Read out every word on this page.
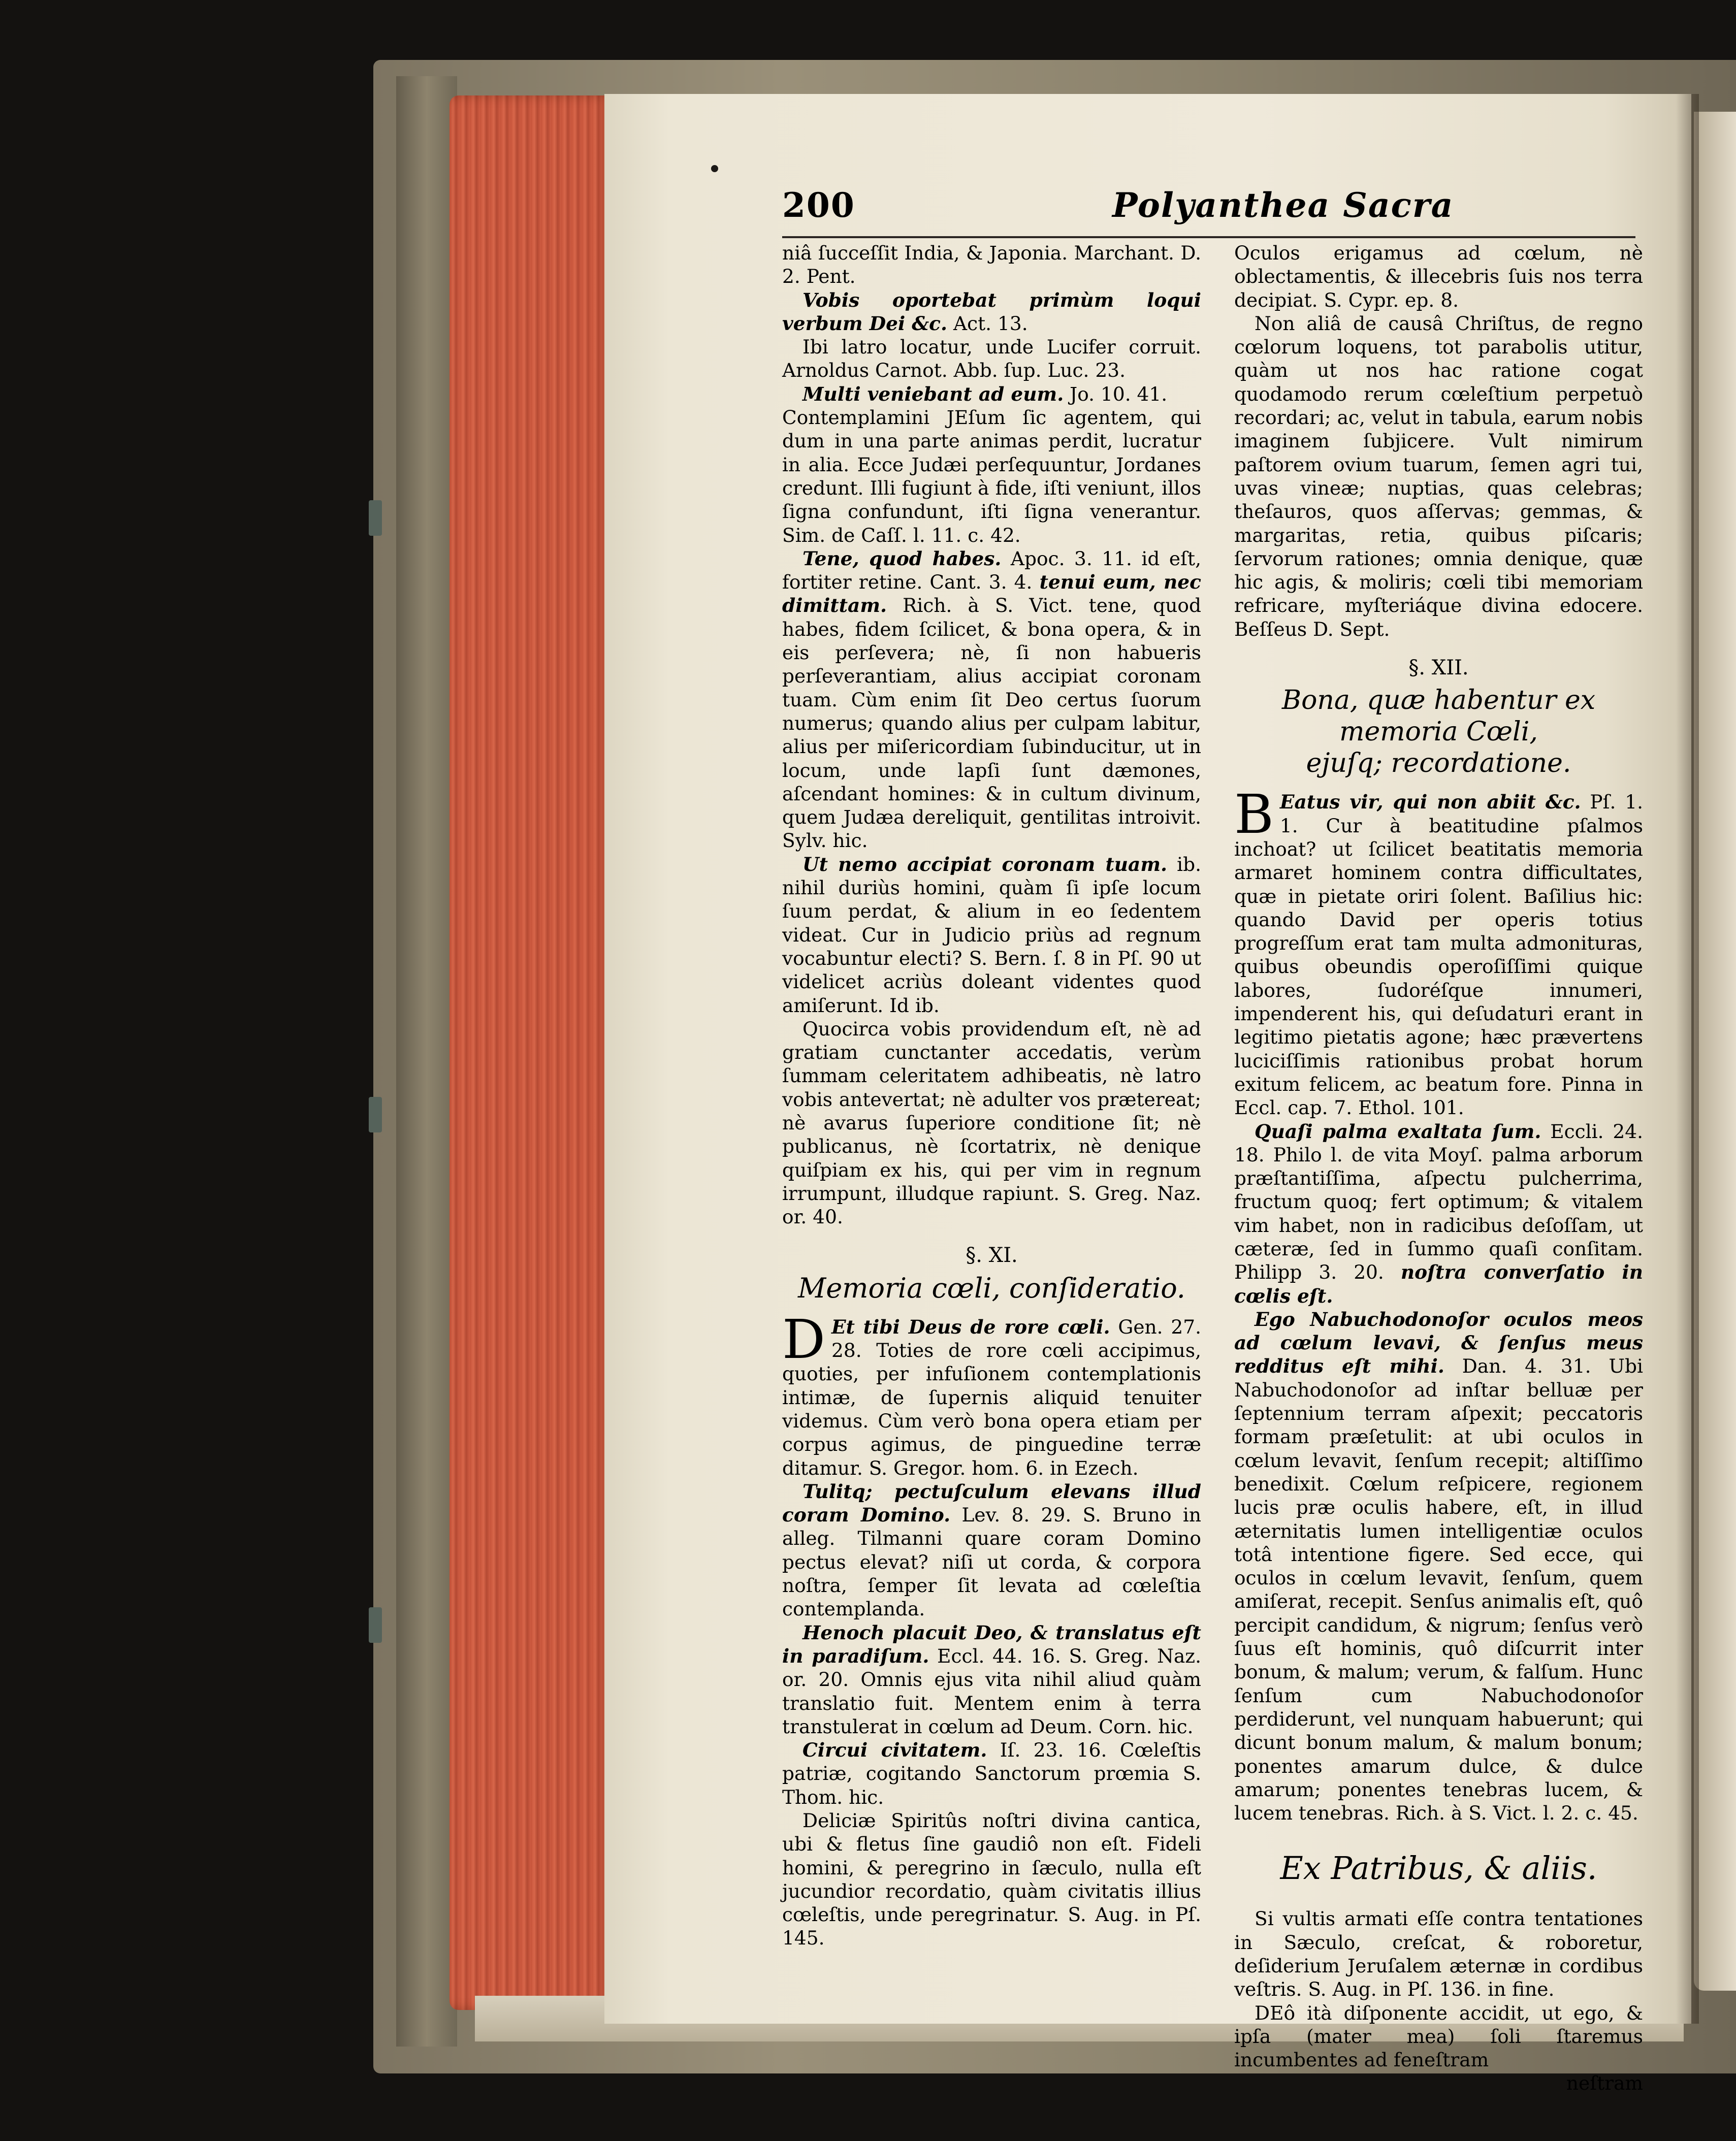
200	Polyanthea Sacra

niâ ſucceſſit India, & Japonia. Marchant. D. 2. Pent.

Vobis oportebat primùm loqui verbum Dei &c. Act. 13.

Ibi latro locatur, unde Lucifer corruit. Arnoldus Carnot. Abb. ſup. Luc. 23.

Multi veniebant ad eum. Jo. 10. 41.

Contemplamini JEſum ſic agentem, qui dum in una parte animas perdit, lucratur in alia. Ecce Judæi perſequuntur, Jordanes credunt. Illi fugiunt à fide, iſti veniunt, illos ſigna confundunt, iſti ſigna venerantur. Sim. de Caſſ. l. 11. c. 42.

Tene, quod habes. Apoc. 3. 11. id eſt, fortiter retine. Cant. 3. 4. tenui eum, nec dimittam. Rich. à S. Vict. tene, quod habes, fidem ſcilicet, & bona opera, & in eis perſevera; nè, ſi non habueris perſeverantiam, alius accipiat coronam tuam. Cùm enim ſit Deo certus ſuorum numerus; quando alius per culpam labitur, alius per miſericordiam ſubinducitur, ut in locum, unde lapſi ſunt dæmones, aſcendant homines: & in cultum divinum, quem Judæa dereliquit, gentilitas introivit. Sylv. hic.

Ut nemo accipiat coronam tuam. ib. nihil duriùs homini, quàm ſi ipſe locum ſuum perdat, & alium in eo ſedentem videat. Cur in Judicio priùs ad regnum vocabuntur electi? S. Bern. ſ. 8 in Pſ. 90 ut videlicet acriùs doleant videntes quod amiſerunt. Id ib.

Quocirca vobis providendum eſt, nè ad gratiam cunctanter accedatis, verùm ſummam celeritatem adhibeatis, nè latro vobis antevertat; nè adulter vos prætereat; nè avarus ſuperiore conditione ſit; nè publicanus, nè ſcortatrix, nè denique quiſpiam ex his, qui per vim in regnum irrumpunt, illudque rapiunt. S. Greg. Naz. or. 40.

§. XI.
Memoria cœli, conſideratio.

D Et tibi Deus de rore cœli. Gen. 27. 28. Toties de rore cœli accipimus, quoties, per infuſionem contemplationis intimæ, de ſupernis aliquid tenuiter videmus. Cùm verò bona opera etiam per corpus agimus, de pinguedine terræ ditamur. S. Gregor. hom. 6. in Ezech.

Tulitq; pectuſculum elevans illud coram Domino. Lev. 8. 29. S. Bruno in alleg. Tilmanni quare coram Domino pectus elevat? niſi ut corda, & corpora noſtra, ſemper ſit levata ad cœleſtia contemplanda.

Henoch placuit Deo, & translatus eſt in paradiſum. Eccl. 44. 16. S. Greg. Naz. or. 20. Omnis ejus vita nihil aliud quàm translatio fuit. Mentem enim à terra transtulerat in cœlum ad Deum. Corn. hic.

Circui civitatem. Iſ. 23. 16. Cœleſtis patriæ, cogitando Sanctorum prœmia S. Thom. hic.

Deliciæ Spiritûs noſtri divina cantica, ubi & fletus ſine gaudiô non eſt. Fideli homini, & peregrino in ſæculo, nulla eſt jucundior recordatio, quàm civitatis illius cœleſtis, unde peregrinatur. S. Aug. in Pſ. 145.

Oculos erigamus ad cœlum, nè oblectamentis, & illecebris ſuis nos terra decipiat. S. Cypr. ep. 8.

Non aliâ de causâ Chriſtus, de regno cœlorum loquens, tot parabolis utitur, quàm ut nos hac ratione cogat quodamodo rerum cœleſtium perpetuò recordari; ac, velut in tabula, earum nobis imaginem ſubjicere. Vult nimirum paſtorem ovium tuarum, ſemen agri tui, uvas vineæ; nuptias, quas celebras; theſauros, quos aſſervas; gemmas, & margaritas, retia, quibus piſcaris; ſervorum rationes; omnia denique, quæ hic agis, & moliris; cœli tibi memoriam refricare, myſteriáque divina edocere. Beſſeus D. Sept.

§. XII.
Bona, quæ habentur ex memoria Cœli,
ejuſq; recordatione.

B Eatus vir, qui non abiit &c. Pſ. 1. 1. Cur à beatitudine pſalmos inchoat? ut ſcilicet beatitatis memoria armaret hominem contra difficultates, quæ in pietate oriri ſolent. Baſilius hic: quando David per operis totius progreſſum erat tam multa admonituras, quibus obeundis operoſiſſimi quique labores, ſudoréſque innumeri, impenderent his, qui deſudaturi erant in legitimo pietatis agone; hæc prævertens luciciſſimis rationibus probat horum exitum felicem, ac beatum fore. Pinna in Eccl. cap. 7. Ethol. 101.

Quaſi palma exaltata ſum. Eccli. 24. 18. Philo l. de vita Moyſ. palma arborum præſtantiſſima, aſpectu pulcherrima, fructum quoq; fert optimum; & vitalem vim habet, non in radicibus deſoſſam, ut cæteræ, ſed in ſummo quaſi conſitam. Philipp 3. 20. noſtra converſatio in cœlis eſt.

Ego Nabuchodonoſor oculos meos ad cœlum levavi, & ſenſus meus redditus eſt mihi. Dan. 4. 31. Ubi Nabuchodonoſor ad inſtar belluæ per ſeptennium terram aſpexit; peccatoris formam præſetulit: at ubi oculos in cœlum levavit, ſenſum recepit; altiſſimo benedixit. Cœlum reſpicere, regionem lucis præ oculis habere, eſt, in illud æternitatis lumen intelligentiæ oculos totâ intentione figere. Sed ecce, qui oculos in cœlum levavit, ſenſum, quem amiſerat, recepit. Senſus animalis eſt, quô percipit candidum, & nigrum; ſenſus verò ſuus eſt hominis, quô diſcurrit inter bonum, & malum; verum, & falſum. Hunc ſenſum cum Nabuchodonoſor perdiderunt, vel nunquam habuerunt; qui dicunt bonum malum, & malum bonum; ponentes amarum dulce, & dulce amarum; ponentes tenebras lucem, & lucem tenebras. Rich. à S. Vict. l. 2. c. 45.

Ex Patribus, & aliis.

Si vultis armati eſſe contra tentationes in Sæculo, creſcat, & roboretur, deſiderium Jeruſalem æternæ in cordibus veſtris. S. Aug. in Pſ. 136. in fine.

DEô ità diſponente accidit, ut ego, & ipſa (mater mea) ſoli ſtaremus incumbentes ad feneſtram

neſtram
